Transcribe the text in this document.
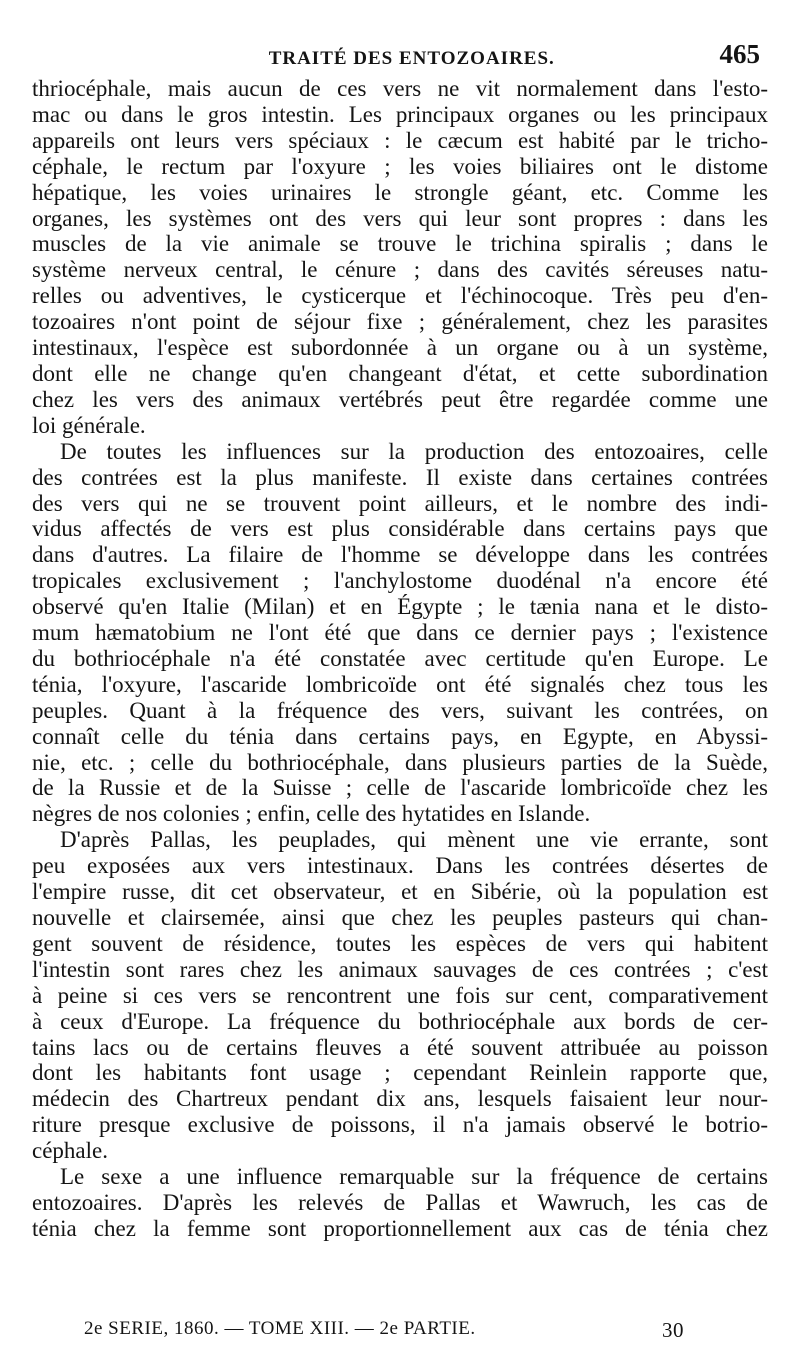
TRAITÉ DES ENTOZOAIRES.	465
thriocéphale, mais aucun de ces vers ne vit normalement dans l'esto-
mac ou dans le gros intestin. Les principaux organes ou les principaux
appareils ont leurs vers spéciaux : le cæcum est habité par le tricho-
céphale, le rectum par l'oxyure ; les voies biliaires ont le distome
hépatique, les voies urinaires le strongle géant, etc. Comme les
organes, les systèmes ont des vers qui leur sont propres : dans les
muscles de la vie animale se trouve le trichina spiralis ; dans le
système nerveux central, le cénure ; dans des cavités séreuses natu-
relles ou adventives, le cysticerque et l'échinocoque. Très peu d'en-
tozoaires n'ont point de séjour fixe ; généralement, chez les parasites
intestinaux, l'espèce est subordonnée à un organe ou à un système,
dont elle ne change qu'en changeant d'état, et cette subordination
chez les vers des animaux vertébrés peut être regardée comme une
loi générale.
De toutes les influences sur la production des entozoaires, celle
des contrées est la plus manifeste. Il existe dans certaines contrées
des vers qui ne se trouvent point ailleurs, et le nombre des indi-
vidus affectés de vers est plus considérable dans certains pays que
dans d'autres. La filaire de l'homme se développe dans les contrées
tropicales exclusivement ; l'anchylostome duodénal n'a encore été
observé qu'en Italie (Milan) et en Égypte ; le tænia nana et le disto-
mum hæmatobium ne l'ont été que dans ce dernier pays ; l'existence
du bothriocéphale n'a été constatée avec certitude qu'en Europe. Le
ténia, l'oxyure, l'ascaride lombricoïde ont été signalés chez tous les
peuples. Quant à la fréquence des vers, suivant les contrées, on
connaît celle du ténia dans certains pays, en Egypte, en Abyssi-
nie, etc. ; celle du bothriocéphale, dans plusieurs parties de la Suède,
de la Russie et de la Suisse ; celle de l'ascaride lombricoïde chez les
nègres de nos colonies ; enfin, celle des hytatides en Islande.
D'après Pallas, les peuplades, qui mènent une vie errante, sont
peu exposées aux vers intestinaux. Dans les contrées désertes de
l'empire russe, dit cet observateur, et en Sibérie, où la population est
nouvelle et clairsemée, ainsi que chez les peuples pasteurs qui chan-
gent souvent de résidence, toutes les espèces de vers qui habitent
l'intestin sont rares chez les animaux sauvages de ces contrées ; c'est
à peine si ces vers se rencontrent une fois sur cent, comparativement
à ceux d'Europe. La fréquence du bothriocéphale aux bords de cer-
tains lacs ou de certains fleuves a été souvent attribuée au poisson
dont les habitants font usage ; cependant Reinlein rapporte que,
médecin des Chartreux pendant dix ans, lesquels faisaient leur nour-
riture presque exclusive de poissons, il n'a jamais observé le botrio-
céphale.
Le sexe a une influence remarquable sur la fréquence de certains
entozoaires. D'après les relevés de Pallas et Wawruch, les cas de
ténia chez la femme sont proportionnellement aux cas de ténia chez
2e SERIE, 1860. — TOME XIII. — 2e PARTIE.	30
